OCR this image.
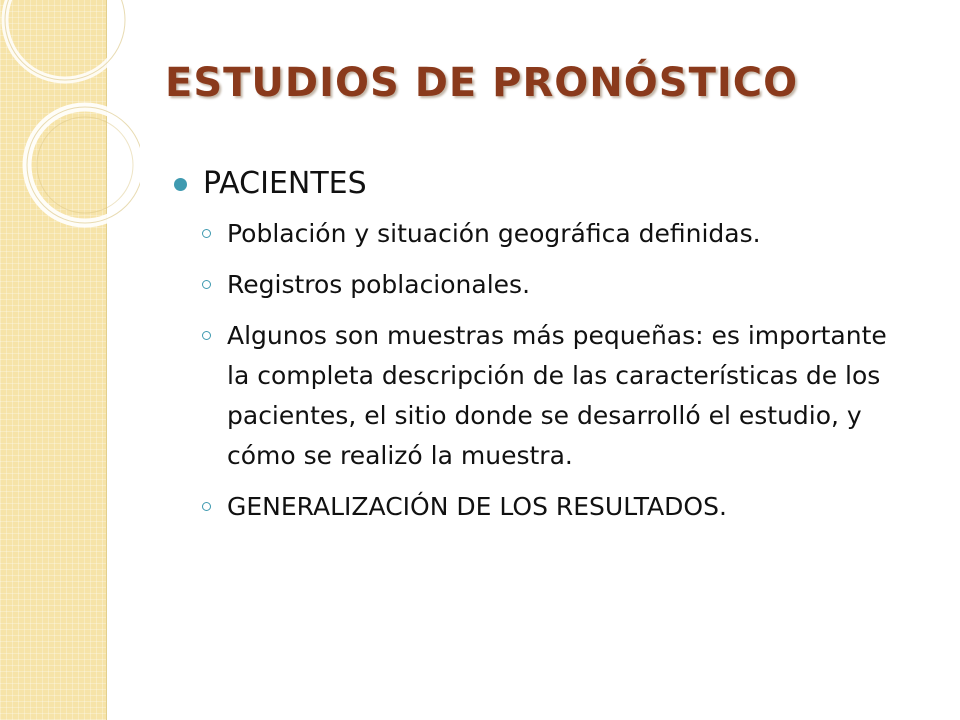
ESTUDIOS DE PRONÓSTICO
PACIENTES
Población y situación geográfica definidas.
Registros poblacionales.
Algunos son muestras más pequeñas: es importante la completa descripción de las características de los pacientes, el sitio donde se desarrolló el estudio, y cómo se realizó la muestra.
GENERALIZACIÓN DE LOS RESULTADOS.
